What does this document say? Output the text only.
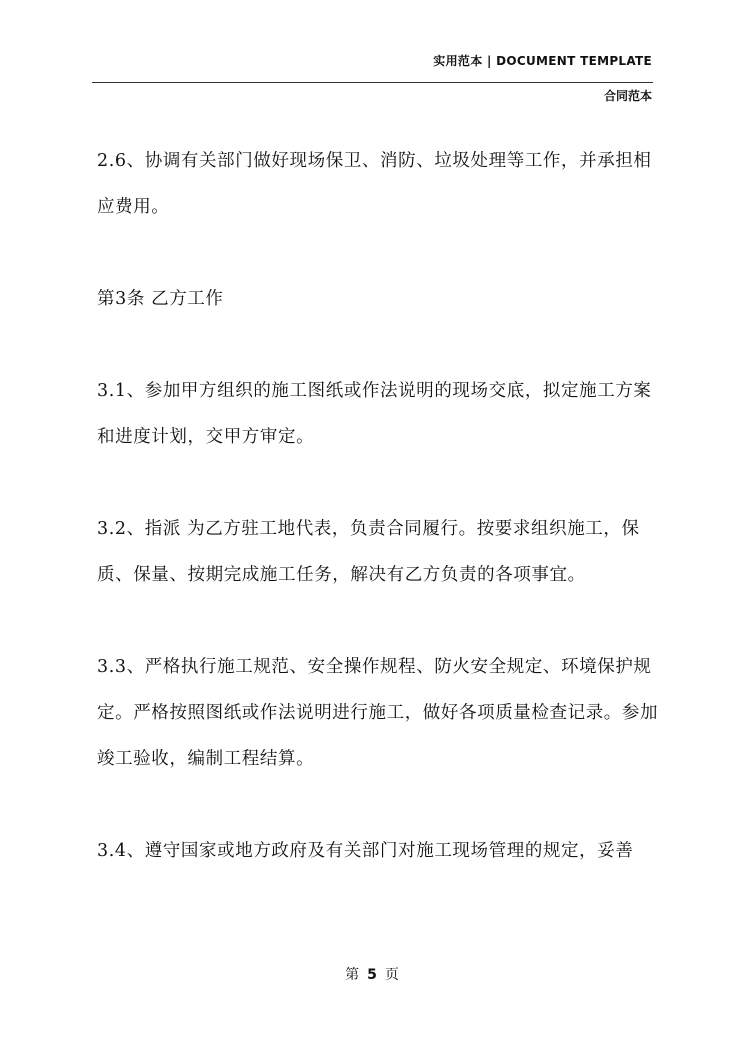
实用范本 | DOCUMENT TEMPLATE
合同范本

2.6、协调有关部门做好现场保卫、消防、垃圾处理等工作，并承担相应费用。

第3条 乙方工作

3.1、参加甲方组织的施工图纸或作法说明的现场交底，拟定施工方案和进度计划，交甲方审定。

3.2、指派 为乙方驻工地代表，负责合同履行。按要求组织施工，保质、保量、按期完成施工任务，解决有乙方负责的各项事宜。

3.3、严格执行施工规范、安全操作规程、防火安全规定、环境保护规定。严格按照图纸或作法说明进行施工，做好各项质量检查记录。参加竣工验收，编制工程结算。

3.4、遵守国家或地方政府及有关部门对施工现场管理的规定，妥善

第 5 页
